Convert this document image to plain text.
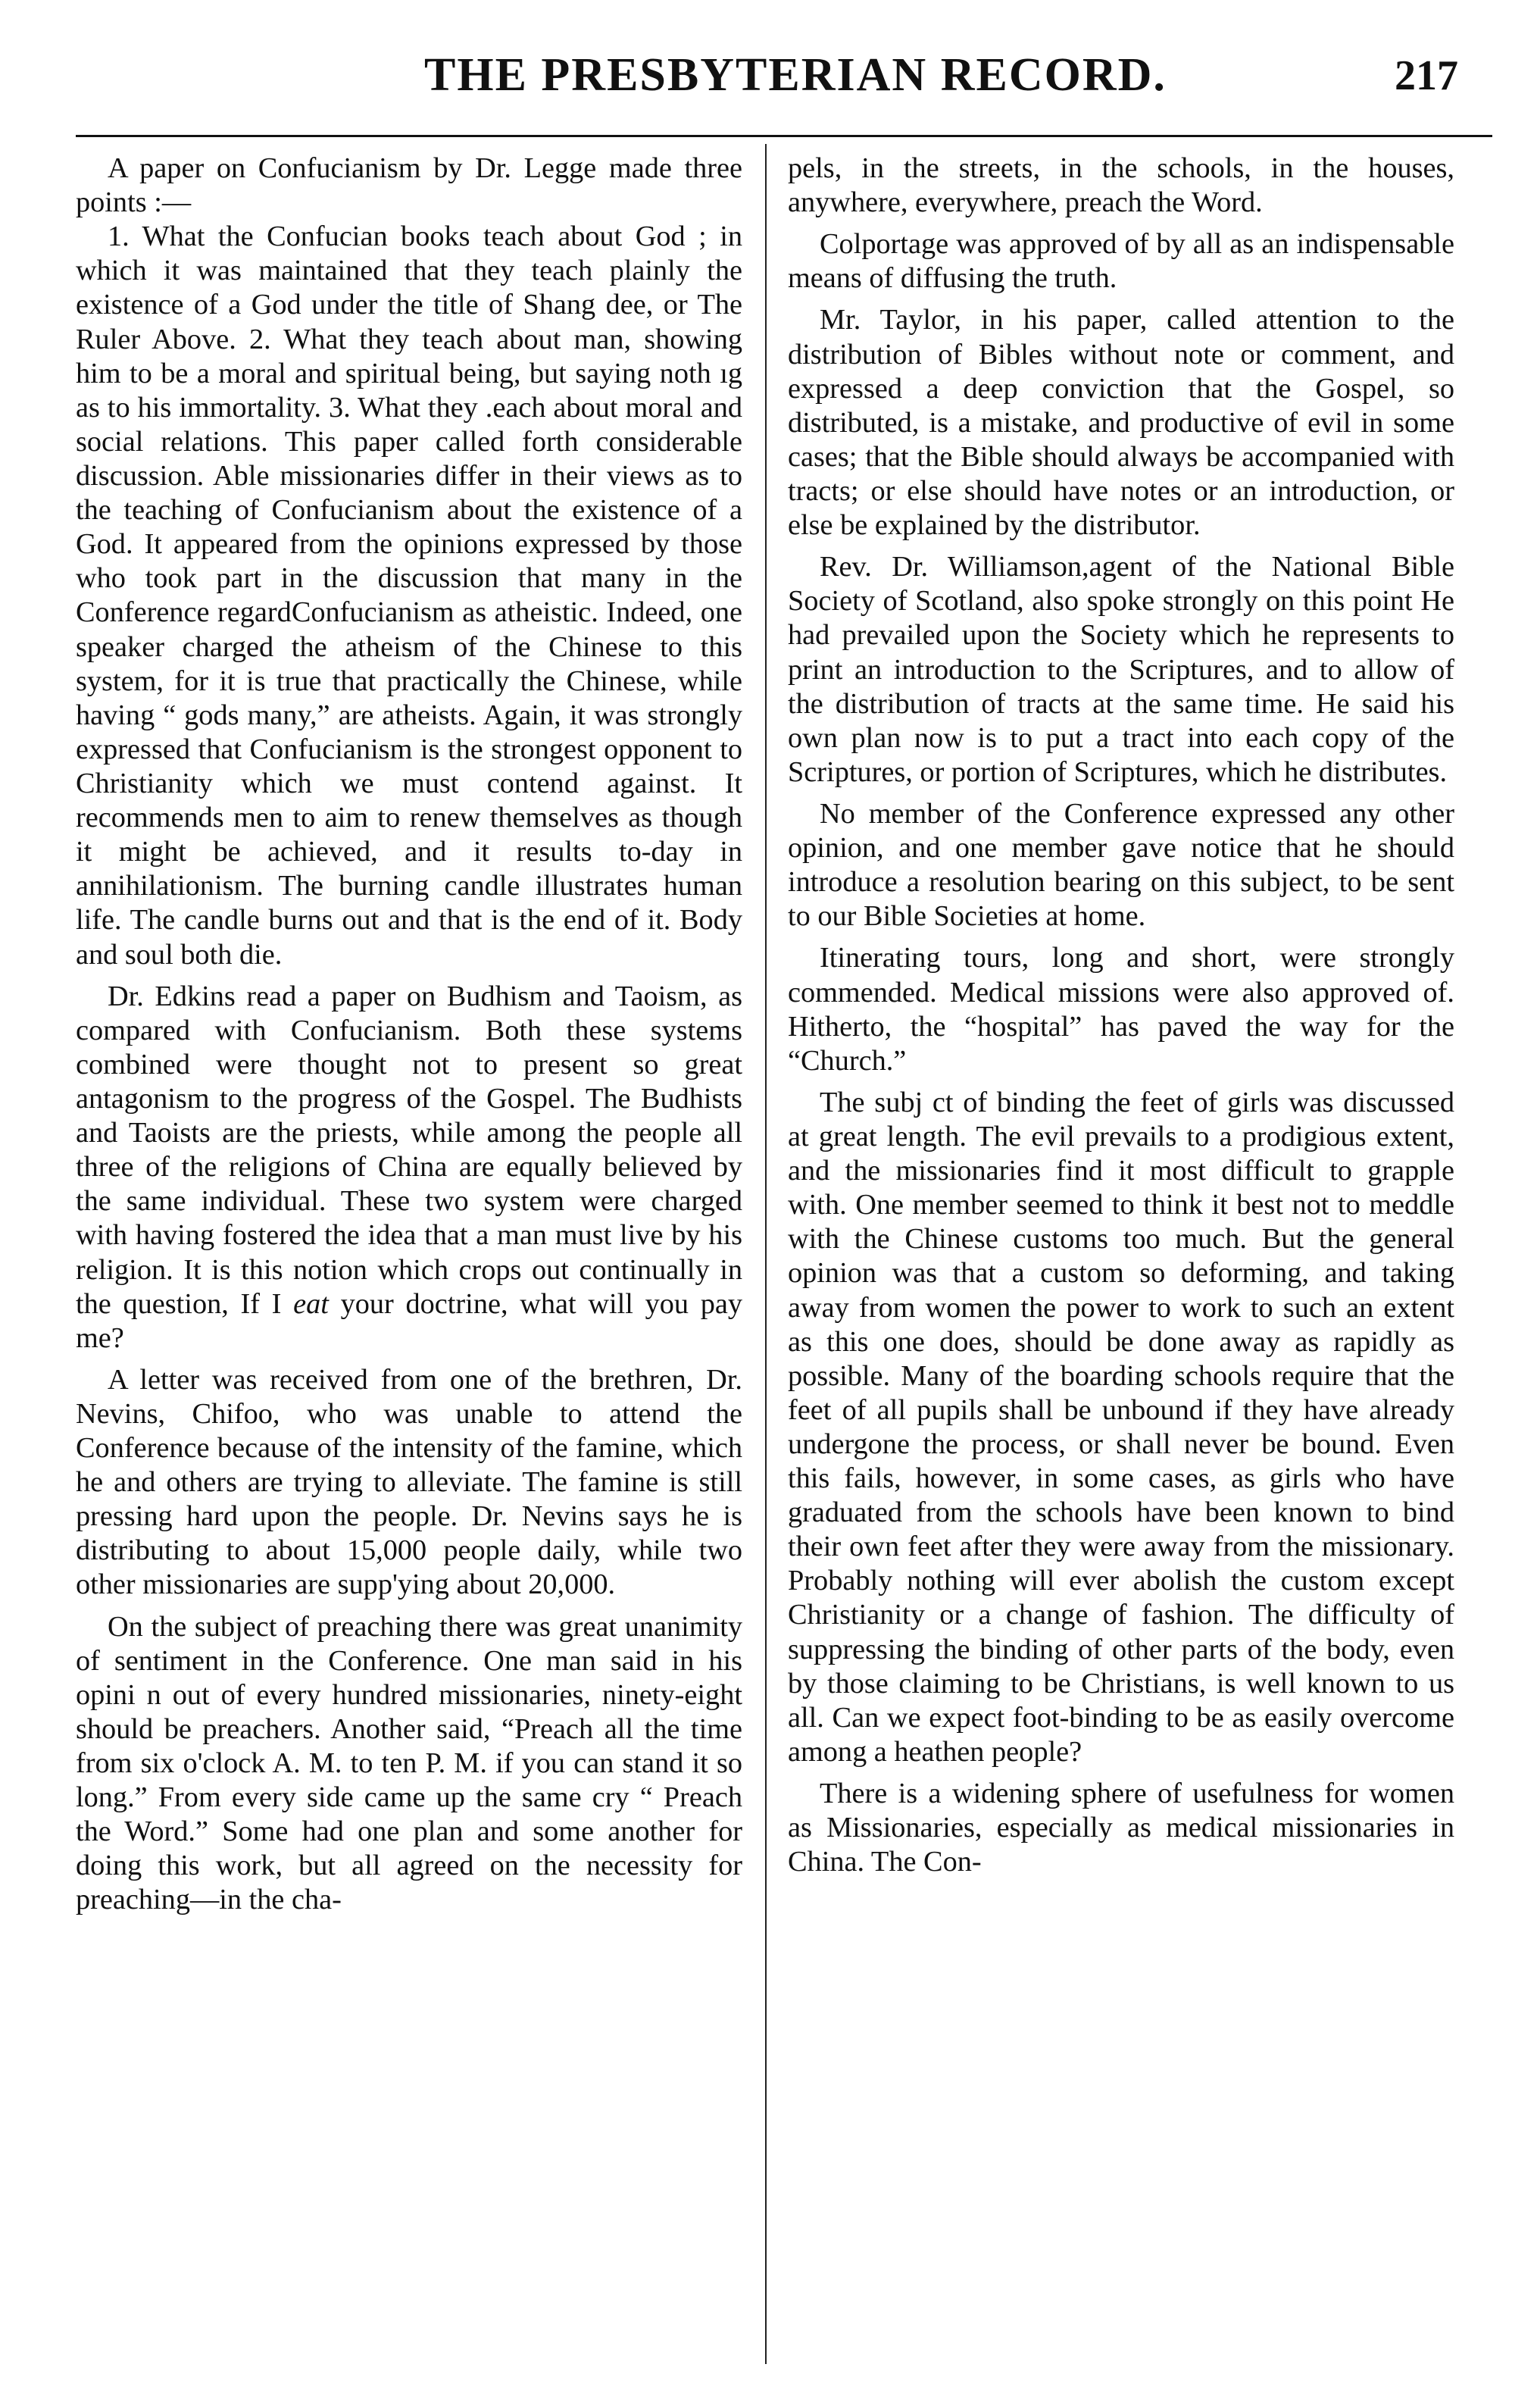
THE PRESBYTERIAN RECORD.	217

A paper on Confucianism by Dr. Legge made three points :—

1. What the Confucian books teach about God ; in which it was maintained that they teach plainly the existence of a God under the title of Shang dee, or The Ruler Above. 2. What they teach about man, showing him to be a moral and spiritual being, but saying noth ıg as to his immortality. 3. What they .each about moral and social relations. This paper called forth considerable discussion. Able missionaries differ in their views as to the teaching of Confucianism about the existence of a God. It appeared from the opinions expressed by those who took part in the discussion that many in the Conference regardConfucianism as atheistic. Indeed, one speaker charged the atheism of the Chinese to this system, for it is true that practically the Chinese, while having “ gods many,” are atheists. Again, it was strongly expressed that Confucianism is the strongest opponent to Christianity which we must contend against. It recommends men to aim to renew themselves as though it might be achieved, and it results to-day in annihilationism. The burning candle illustrates human life. The candle burns out and that is the end of it. Body and soul both die.

Dr. Edkins read a paper on Budhism and Taoism, as compared with Confucianism. Both these systems combined were thought not to present so great antagonism to the progress of the Gospel. The Budhists and Taoists are the priests, while among the people all three of the religions of China are equally believed by the same individual. These two system were charged with having fostered the idea that a man must live by his religion. It is this notion which crops out continually in the question, If I eat your doctrine, what will you pay me?

A letter was received from one of the brethren, Dr. Nevins, Chifoo, who was unable to attend the Conference because of the intensity of the famine, which he and others are trying to alleviate. The famine is still pressing hard upon the people. Dr. Nevins says he is distributing to about 15,000 people daily, while two other missionaries are supp'ying about 20,000.

On the subject of preaching there was great unanimity of sentiment in the Conference. One man said in his opini n out of every hundred missionaries, ninety-eight should be preachers. Another said, “Preach all the time from six o'clock A. M. to ten P. M. if you can stand it so long.” From every side came up the same cry “ Preach the Word.” Some had one plan and some another for doing this work, but all agreed on the necessity for preaching—in the cha-

pels, in the streets, in the schools, in the houses, anywhere, everywhere, preach the Word.

Colportage was approved of by all as an indispensable means of diffusing the truth.

Mr. Taylor, in his paper, called attention to the distribution of Bibles without note or comment, and expressed a deep conviction that the Gospel, so distributed, is a mistake, and productive of evil in some cases; that the Bible should always be accompanied with tracts; or else should have notes or an introduction, or else be explained by the distributor.

Rev. Dr. Williamson,agent of the National Bible Society of Scotland, also spoke strongly on this point He had prevailed upon the Society which he represents to print an introduction to the Scriptures, and to allow of the distribution of tracts at the same time. He said his own plan now is to put a tract into each copy of the Scriptures, or portion of Scriptures, which he distributes.

No member of the Conference expressed any other opinion, and one member gave notice that he should introduce a resolution bearing on this subject, to be sent to our Bible Societies at home.

Itinerating tours, long and short, were strongly commended. Medical missions were also approved of. Hitherto, the “hospital” has paved the way for the “Church.”

The subj ct of binding the feet of girls was discussed at great length. The evil prevails to a prodigious extent, and the missionaries find it most difficult to grapple with. One member seemed to think it best not to meddle with the Chinese customs too much. But the general opinion was that a custom so deforming, and taking away from women the power to work to such an extent as this one does, should be done away as rapidly as possible. Many of the boarding schools require that the feet of all pupils shall be unbound if they have already undergone the process, or shall never be bound. Even this fails, however, in some cases, as girls who have graduated from the schools have been known to bind their own feet after they were away from the missionary. Probably nothing will ever abolish the custom except Christianity or a change of fashion. The difficulty of suppressing the binding of other parts of the body, even by those claiming to be Christians, is well known to us all. Can we expect foot-binding to be as easily overcome among a heathen people?

There is a widening sphere of usefulness for women as Missionaries, especially as medical missionaries in China. The Con-
